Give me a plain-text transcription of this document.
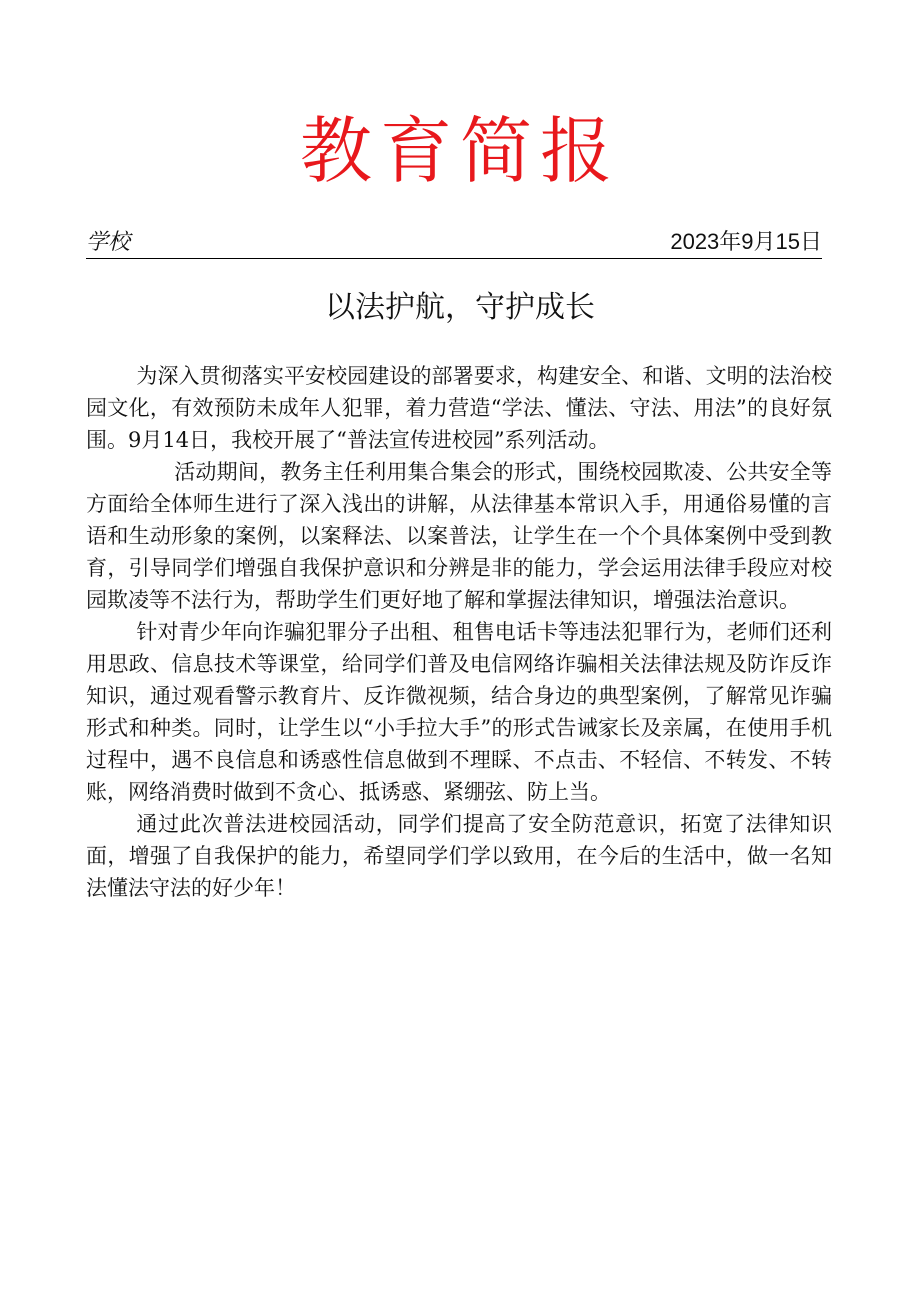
教育简报
学校	2023年9月15日
以法护航，守护成长

为深入贯彻落实平安校园建设的部署要求，构建安全、和谐、文明的法治校园文化，有效预防未成年人犯罪，着力营造“学法、懂法、守法、用法”的良好氛围。9月14日，我校开展了“普法宣传进校园”系列活动。

活动期间，教务主任利用集合集会的形式，围绕校园欺凌、公共安全等方面给全体师生进行了深入浅出的讲解，从法律基本常识入手，用通俗易懂的言语和生动形象的案例，以案释法、以案普法，让学生在一个个具体案例中受到教育，引导同学们增强自我保护意识和分辨是非的能力，学会运用法律手段应对校园欺凌等不法行为，帮助学生们更好地了解和掌握法律知识，增强法治意识。

针对青少年向诈骗犯罪分子出租、租售电话卡等违法犯罪行为，老师们还利用思政、信息技术等课堂，给同学们普及电信网络诈骗相关法律法规及防诈反诈知识，通过观看警示教育片、反诈微视频，结合身边的典型案例，了解常见诈骗形式和种类。同时，让学生以“小手拉大手”的形式告诫家长及亲属，在使用手机过程中，遇不良信息和诱惑性信息做到不理睬、不点击、不轻信、不转发、不转账，网络消费时做到不贪心、抵诱惑、紧绷弦、防上当。

通过此次普法进校园活动，同学们提高了安全防范意识，拓宽了法律知识面，增强了自我保护的能力，希望同学们学以致用，在今后的生活中，做一名知法懂法守法的好少年！
